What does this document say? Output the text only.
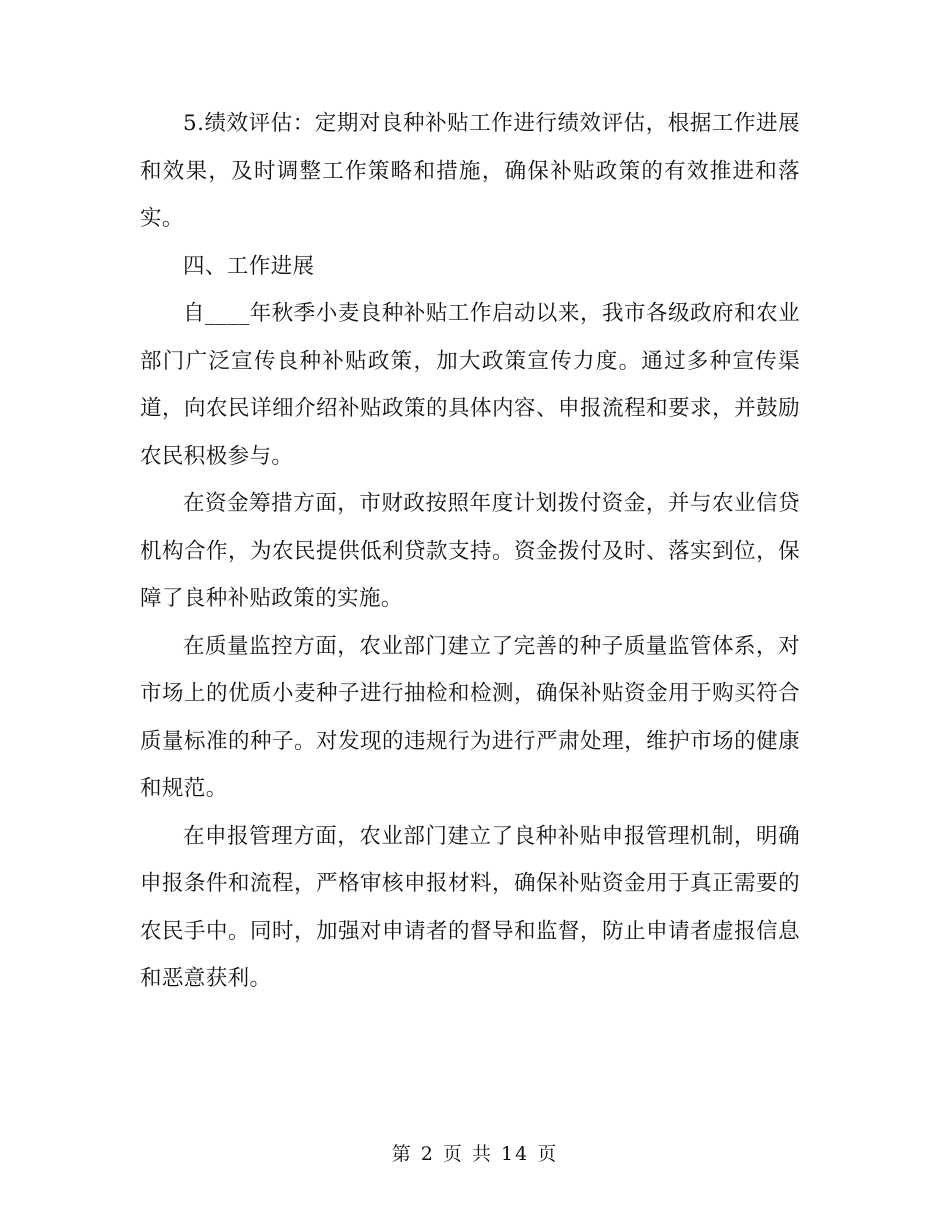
5.绩效评估：定期对良种补贴工作进行绩效评估，根据工作进展和效果，及时调整工作策略和措施，确保补贴政策的有效推进和落实。

四、工作进展

自____年秋季小麦良种补贴工作启动以来，我市各级政府和农业部门广泛宣传良种补贴政策，加大政策宣传力度。通过多种宣传渠道，向农民详细介绍补贴政策的具体内容、申报流程和要求，并鼓励农民积极参与。

在资金筹措方面，市财政按照年度计划拨付资金，并与农业信贷机构合作，为农民提供低利贷款支持。资金拨付及时、落实到位，保障了良种补贴政策的实施。

在质量监控方面，农业部门建立了完善的种子质量监管体系，对市场上的优质小麦种子进行抽检和检测，确保补贴资金用于购买符合质量标准的种子。对发现的违规行为进行严肃处理，维护市场的健康和规范。

在申报管理方面，农业部门建立了良种补贴申报管理机制，明确申报条件和流程，严格审核申报材料，确保补贴资金用于真正需要的农民手中。同时，加强对申请者的督导和监督，防止申请者虚报信息和恶意获利。

第 2 页 共 14 页
